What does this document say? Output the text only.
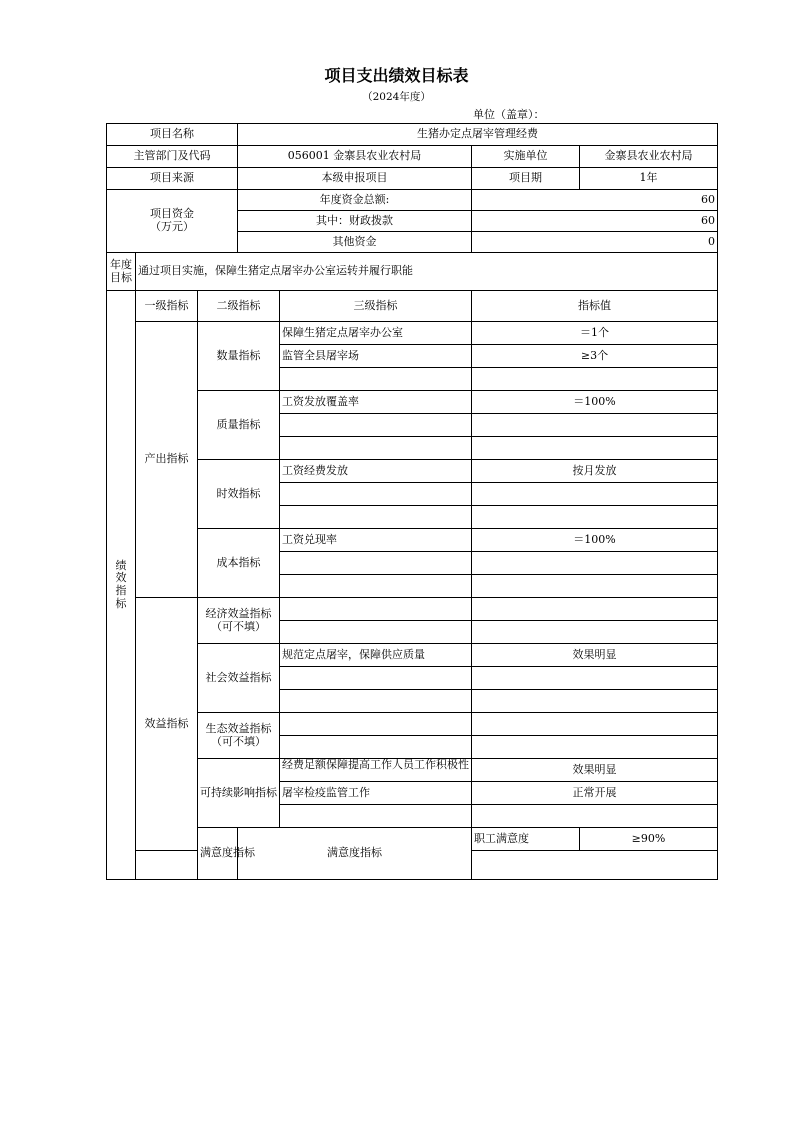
项目支出绩效目标表
（2024年度）
单位（盖章）：
项目名称			生猪办定点屠宰管理经费			
主管部门及代码			056001 金寨县农业农村局		实施单位	金寨县农业农村局
项目来源			本级申报项目		项目期	1年

项目资金
（万元）			年度资金总额:		60	
			其中：财政拨款		60	
			其他资金		0	

年度
目标	通过项目实施，保障生猪定点屠宰办公室运转并履行职能					

绩
效
指
标	一级指标	二级指标		三级指标	指标值	
	产出指标	数量指标		保障生猪定点屠宰办公室	＝1个	
				监管全县屠宰场	≥3个	

		质量指标		工资发放覆盖率	＝100%	

		时效指标		工资经费发放	按月发放	

		成本指标		工资兑现率	＝100%	

	效益指标	经济效益指标
（可不填）				

		社会效益指标		规范定点屠宰，保障供应质量	效果明显	

		生态效益指标
（可不填）				

		可持续影响指标		经费足额保障提高工作人员工作积极性	效果明显	
				屠宰检疫监管工作	正常开展	

		满意度指标	满意度指标		职工满意度	≥90%
